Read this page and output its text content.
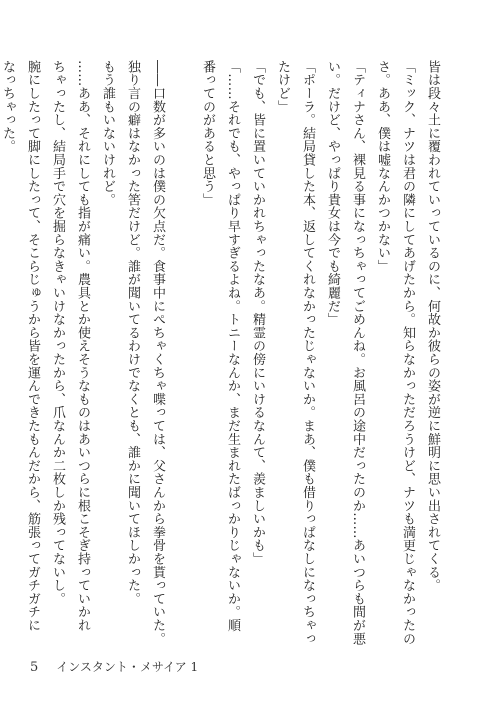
皆は段々土に覆われていっているのに、何故か彼らの姿が逆に鮮明に思い出されてくる。
「ミック、ナツは君の隣にしてあげたから。知らなかっただろうけど、ナツも満更じゃなかったの
さ。ああ、僕は嘘なんかつかない」
「ティナさん、裸見る事になっちゃってごめんね。お風呂の途中だったのか……あいつらも間が悪
い。だけど、やっぱり貴女は今でも綺麗だ」
「ポーラ。結局貸した本、返してくれなかったじゃないか。まあ、僕も借りっぱなしになっちゃっ
たけど」
「でも、皆に置いていかれちゃったなあ。精霊の傍にいけるなんて、羨ましいかも」
「……それでも、やっぱり早すぎるよね。トニーなんか、まだ生まれたばっかりじゃないか。順
番ってのがあると思う」

――口数が多いのは僕の欠点だ。食事中にぺちゃくちゃ喋っては、父さんから拳骨を貰っていた。
独り言の癖はなかった筈だけど。誰が聞いてるわけでなくとも、誰かに聞いてほしかった。
もう誰もいないけれど。
……ああ、それにしても指が痛い。農具とか使えそうなものはあいつらに根こそぎ持っていかれ
ちゃったし、結局手で穴を掘らなきゃいけなかったから、爪なんか二枚しか残ってないし。
腕にしたって脚にしたって、そこらじゅうから皆を運んできたもんだから、筋張ってガチガチに
なっちゃった。
5 インスタント・メサイア 1
